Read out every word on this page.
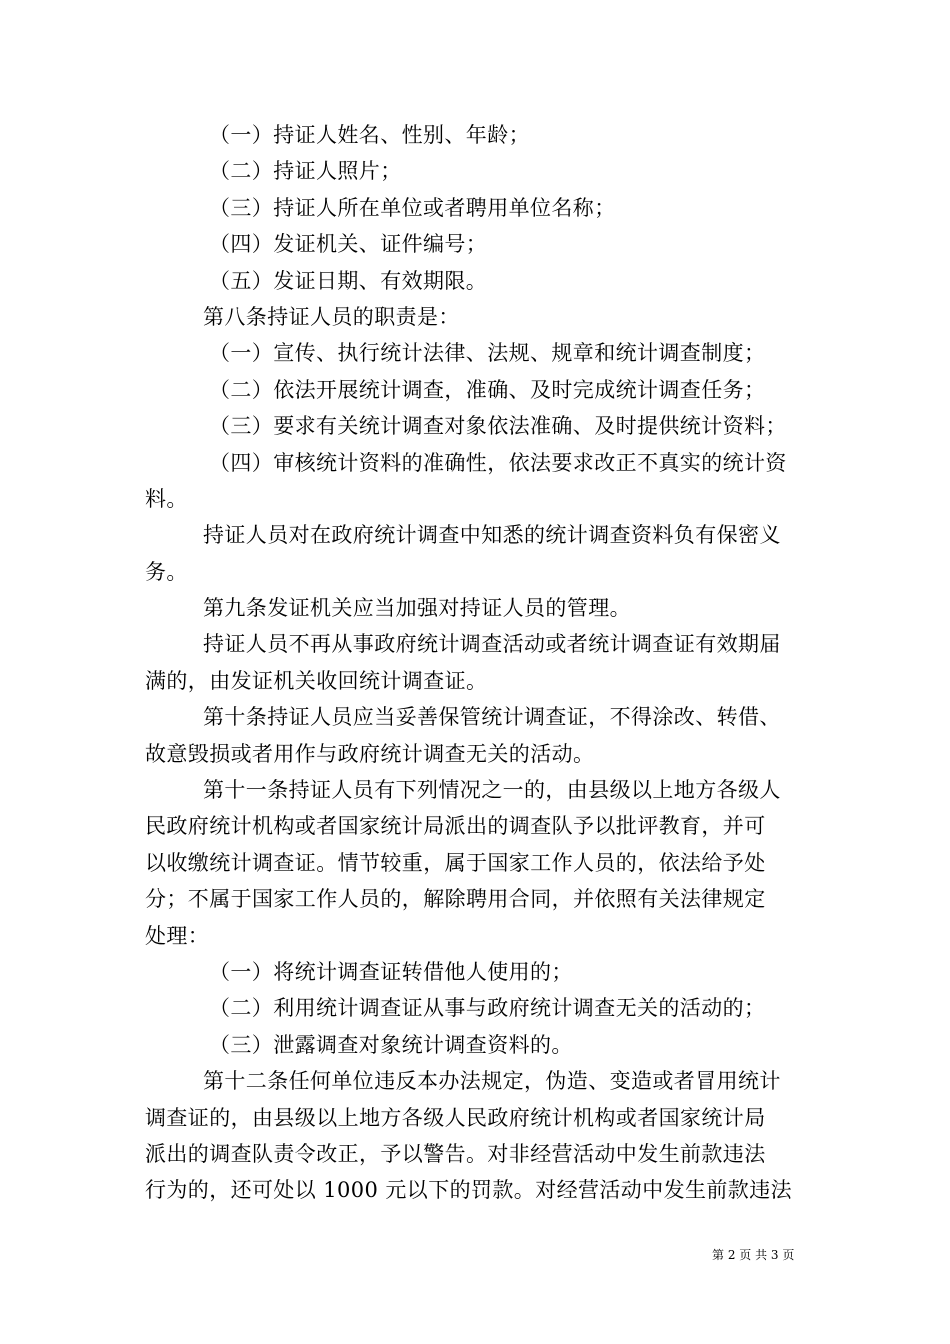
（一）持证人姓名、性别、年龄；
（二）持证人照片；
（三）持证人所在单位或者聘用单位名称；
（四）发证机关、证件编号；
（五）发证日期、有效期限。
第八条持证人员的职责是：
（一）宣传、执行统计法律、法规、规章和统计调查制度；
（二）依法开展统计调查，准确、及时完成统计调查任务；
（三）要求有关统计调查对象依法准确、及时提供统计资料；
（四）审核统计资料的准确性，依法要求改正不真实的统计资
料。
持证人员对在政府统计调查中知悉的统计调查资料负有保密义
务。
第九条发证机关应当加强对持证人员的管理。
持证人员不再从事政府统计调查活动或者统计调查证有效期届
满的，由发证机关收回统计调查证。
第十条持证人员应当妥善保管统计调查证，不得涂改、转借、
故意毁损或者用作与政府统计调查无关的活动。
第十一条持证人员有下列情况之一的，由县级以上地方各级人
民政府统计机构或者国家统计局派出的调查队予以批评教育，并可
以收缴统计调查证。情节较重，属于国家工作人员的，依法给予处
分；不属于国家工作人员的，解除聘用合同，并依照有关法律规定
处理：
（一）将统计调查证转借他人使用的；
（二）利用统计调查证从事与政府统计调查无关的活动的；
（三）泄露调查对象统计调查资料的。
第十二条任何单位违反本办法规定，伪造、变造或者冒用统计
调查证的，由县级以上地方各级人民政府统计机构或者国家统计局
派出的调查队责令改正，予以警告。对非经营活动中发生前款违法
行为的，还可处以 1000 元以下的罚款。对经营活动中发生前款违法
第 2 页 共 3 页
